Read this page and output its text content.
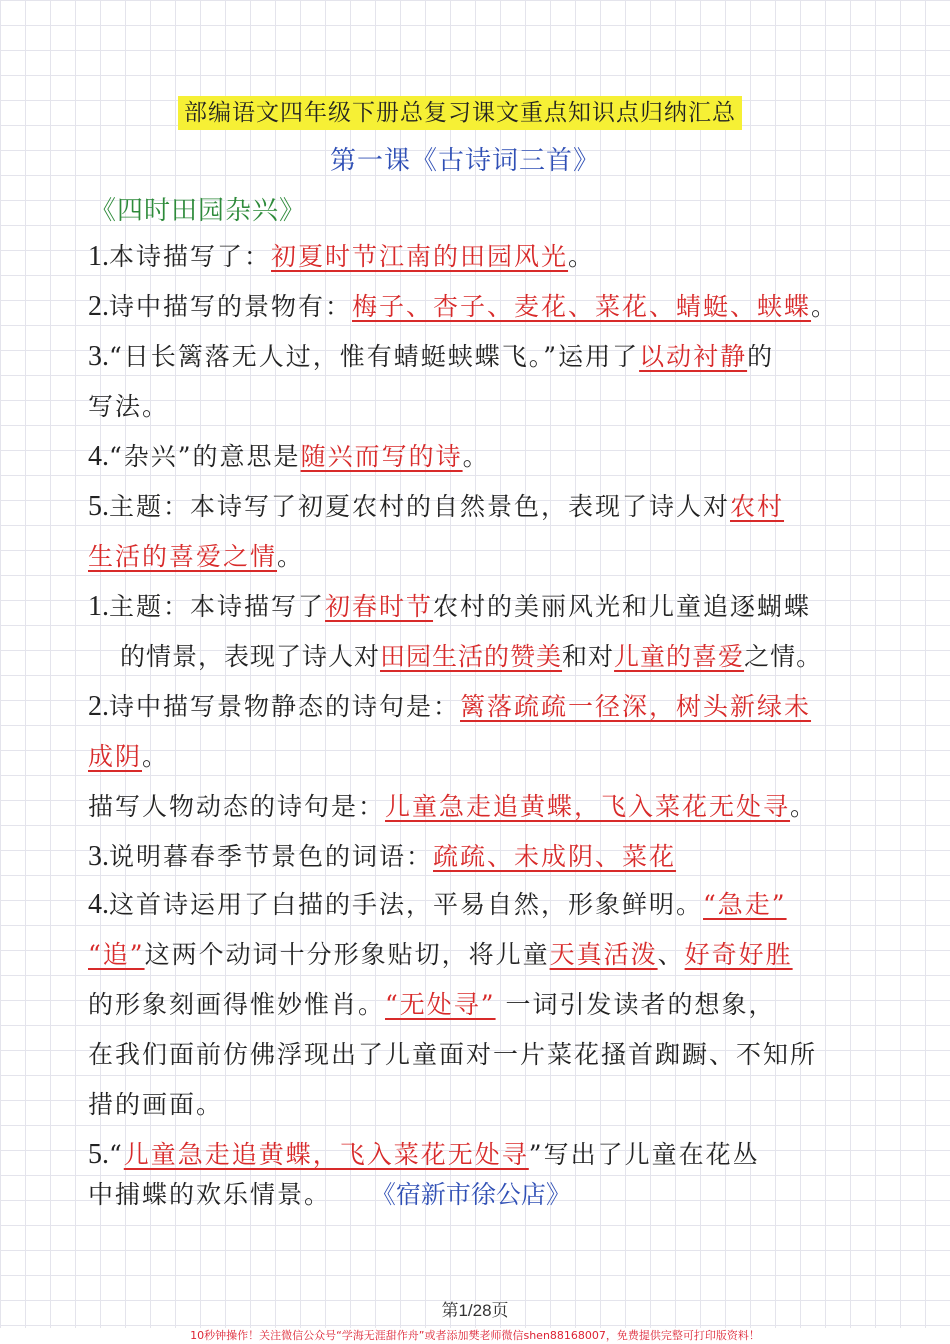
部编语文四年级下册总复习课文重点知识点归纳汇总
第一课《古诗词三首》
《四时田园杂兴》
1.本诗描写了：初夏时节江南的田园风光。
2.诗中描写的景物有：梅子、杏子、麦花、菜花、蜻蜓、蛱蝶。
3.“日长篱落无人过，惟有蜻蜓蛱蝶飞。”运用了以动衬静的
写法。
4.“杂兴”的意思是随兴而写的诗。
5.主题：本诗写了初夏农村的自然景色，表现了诗人对农村
生活的喜爱之情。
1.主题：本诗描写了初春时节农村的美丽风光和儿童追逐蝴蝶
的情景，表现了诗人对田园生活的赞美和对儿童的喜爱之情。
2.诗中描写景物静态的诗句是：篱落疏疏一径深，树头新绿未
成阴。
描写人物动态的诗句是：儿童急走追黄蝶，飞入菜花无处寻。
3.说明暮春季节景色的词语：疏疏、未成阴、菜花
4.这首诗运用了白描的手法，平易自然，形象鲜明。“急走”
“追”这两个动词十分形象贴切，将儿童天真活泼、好奇好胜
的形象刻画得惟妙惟肖。“无处寻” 一词引发读者的想象，
在我们面前仿佛浮现出了儿童面对一片菜花搔首踟蹰、不知所
措的画面。
5.“儿童急走追黄蝶，飞入菜花无处寻”写出了儿童在花丛
中捕蝶的欢乐情景。 《宿新市徐公店》
第1/28页
10秒钟操作！关注微信公众号“学海无涯甜作舟”或者添加樊老师微信shen88168007，免费提供完整可打印版资料！
